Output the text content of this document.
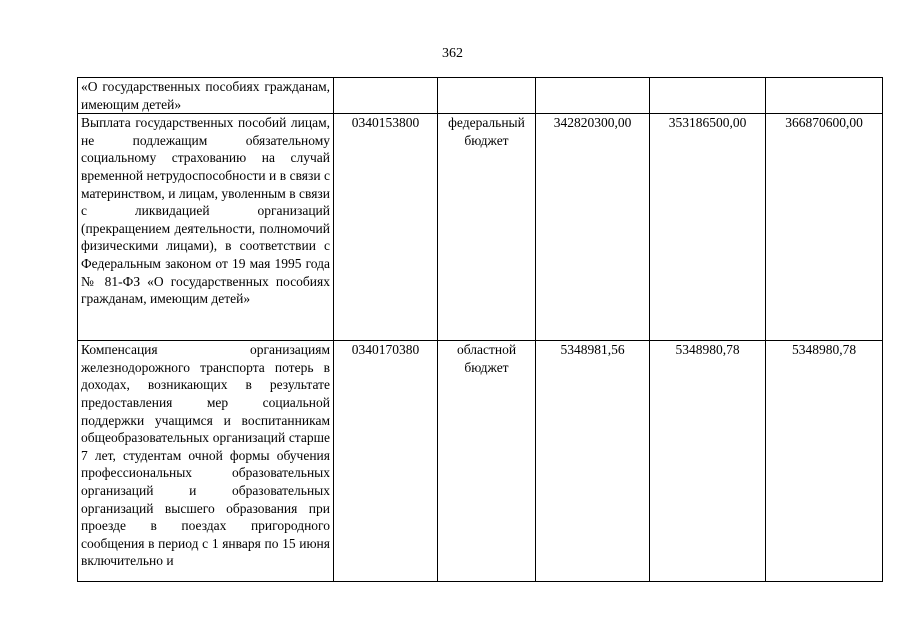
362
«О государственных пособиях гражданам, имеющим детей»					
Выплата государственных пособий лицам, не подлежащим обязательному социальному страхованию на случай временной нетрудоспособности и в связи с материнством, и лицам, уволенным в связи с ликвидацией организаций (прекращением деятельности, полномочий физическими лицами), в соответствии с Федеральным законом от 19 мая 1995 года № 81-ФЗ «О государственных пособиях гражданам, имеющим детей»	0340153800	федеральный бюджет	342820300,00	353186500,00	366870600,00
Компенсация организациям железнодорожного транспорта потерь в доходах, возникающих в результате предоставления мер социальной поддержки учащимся и воспитанникам общеобразовательных организаций старше 7 лет, студентам очной формы обучения профессиональных образовательных организаций и образовательных организаций высшего образования при проезде в поездах пригородного сообщения в период с 1 января по 15 июня включительно и	0340170380	областной бюджет	5348981,56	5348980,78	5348980,78
